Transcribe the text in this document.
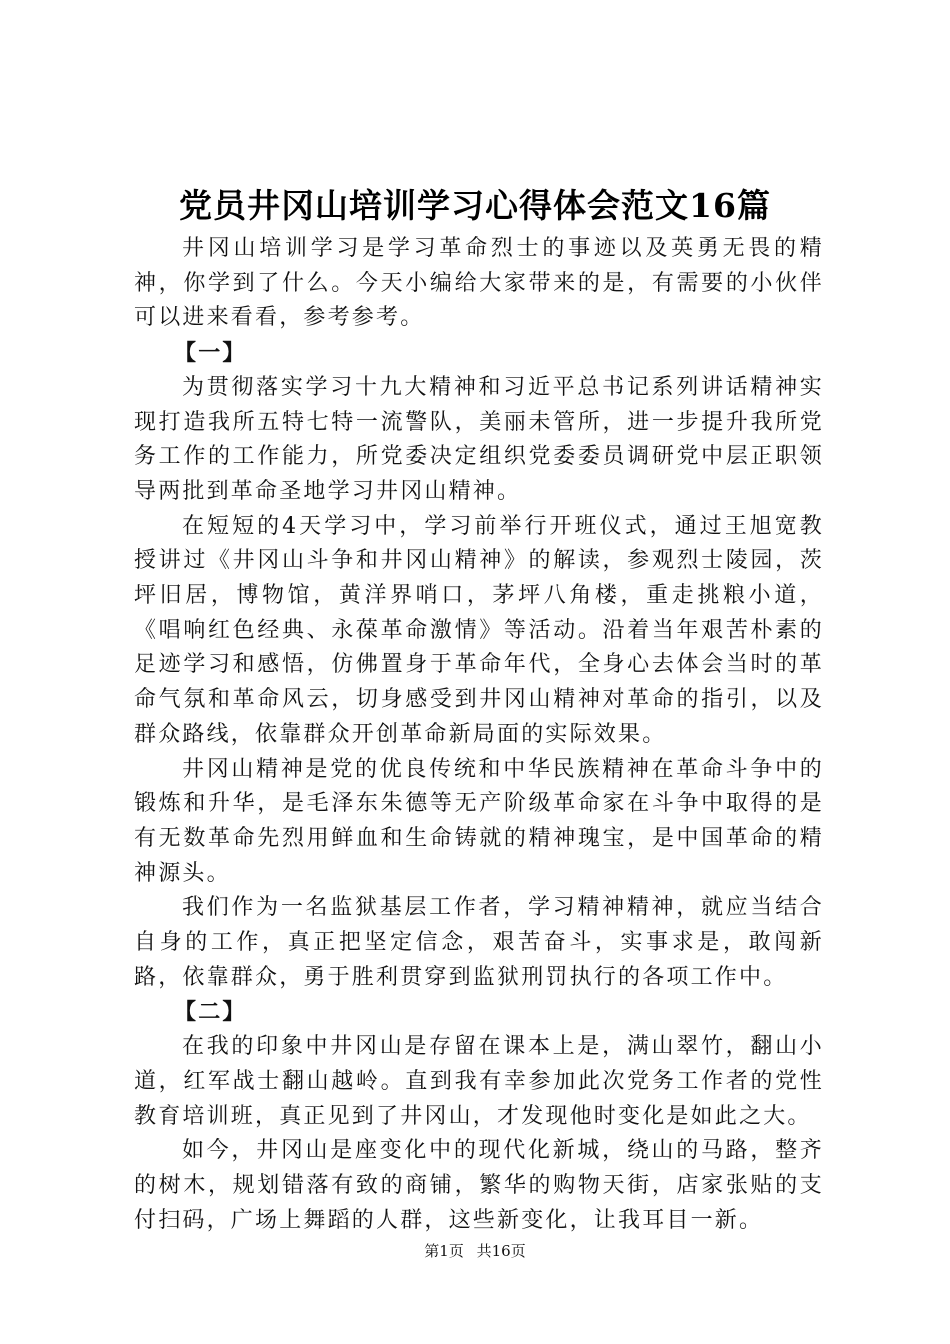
党员井冈山培训学习心得体会范文16篇

井冈山培训学习是学习革命烈士的事迹以及英勇无畏的精神，你学到了什么。今天小编给大家带来的是，有需要的小伙伴可以进来看看，参考参考。

【一】

为贯彻落实学习十九大精神和习近平总书记系列讲话精神实现打造我所五特七特一流警队，美丽未管所，进一步提升我所党务工作的工作能力，所党委决定组织党委委员调研党中层正职领导两批到革命圣地学习井冈山精神。

在短短的4天学习中，学习前举行开班仪式，通过王旭宽教授讲过《井冈山斗争和井冈山精神》的解读，参观烈士陵园，茨坪旧居，博物馆，黄洋界哨口，茅坪八角楼，重走挑粮小道，《唱响红色经典、永葆革命激情》等活动。沿着当年艰苦朴素的足迹学习和感悟，仿佛置身于革命年代，全身心去体会当时的革命气氛和革命风云，切身感受到井冈山精神对革命的指引，以及群众路线，依靠群众开创革命新局面的实际效果。

井冈山精神是党的优良传统和中华民族精神在革命斗争中的锻炼和升华，是毛泽东朱德等无产阶级革命家在斗争中取得的是有无数革命先烈用鲜血和生命铸就的精神瑰宝，是中国革命的精神源头。

我们作为一名监狱基层工作者，学习精神精神，就应当结合自身的工作，真正把坚定信念，艰苦奋斗，实事求是，敢闯新路，依靠群众，勇于胜利贯穿到监狱刑罚执行的各项工作中。

【二】

在我的印象中井冈山是存留在课本上是，满山翠竹，翻山小道，红军战士翻山越岭。直到我有幸参加此次党务工作者的党性教育培训班，真正见到了井冈山，才发现他时变化是如此之大。

如今，井冈山是座变化中的现代化新城，绕山的马路，整齐的树木，规划错落有致的商铺，繁华的购物天街，店家张贴的支付扫码，广场上舞蹈的人群，这些新变化，让我耳目一新。

第1页 共16页
